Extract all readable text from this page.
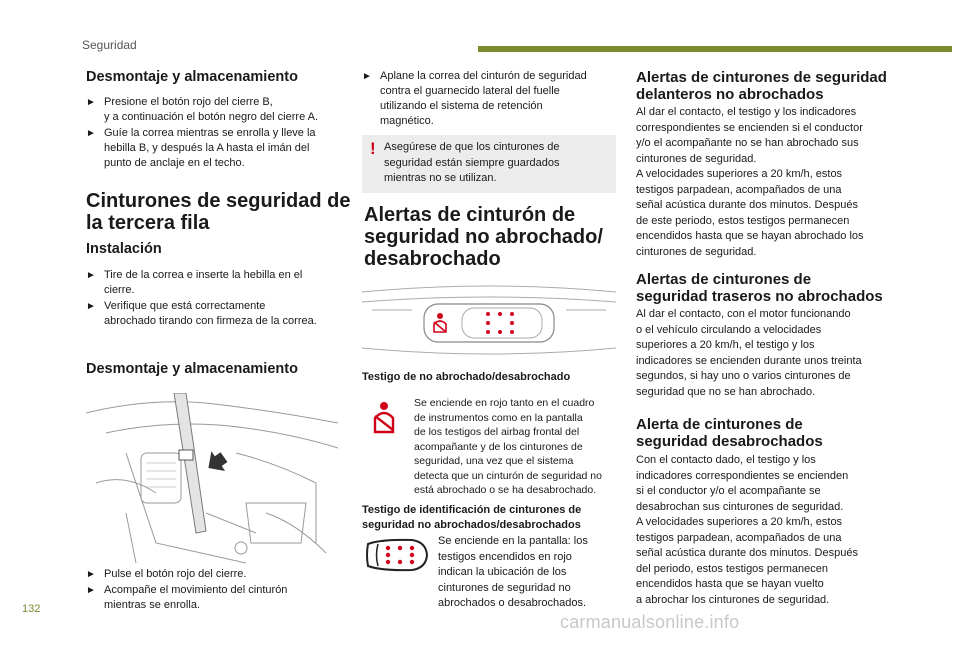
Seguridad
Desmontaje y almacenamiento
► Presione el botón rojo del cierre B,
y a continuación el botón negro del cierre A.
► Guíe la correa mientras se enrolla y lleve la
hebilla B, y después la A hasta el imán del
punto de anclaje en el techo.
Cinturones de seguridad de
la tercera fila
Instalación
► Tire de la correa e inserte la hebilla en el
cierre.
► Verifique que está correctamente
abrochado tirando con firmeza de la correa.
Desmontaje y almacenamiento
► Pulse el botón rojo del cierre.
► Acompañe el movimiento del cinturón
mientras se enrolla.
► Aplane la correa del cinturón de seguridad
contra el guarnecido lateral del fuelle
utilizando el sistema de retención
magnético.
! Asegúrese de que los cinturones de
seguridad están siempre guardados
mientras no se utilizan.
Alertas de cinturón de
seguridad no abrochado/
desabrochado
Testigo de no abrochado/desabrochado
Se enciende en rojo tanto en el cuadro
de instrumentos como en la pantalla
de los testigos del airbag frontal del
acompañante y de los cinturones de
seguridad, una vez que el sistema
detecta que un cinturón de seguridad no
está abrochado o se ha desabrochado.
Testigo de identificación de cinturones de
seguridad no abrochados/desabrochados
Se enciende en la pantalla: los
testigos encendidos en rojo
indican la ubicación de los
cinturones de seguridad no
abrochados o desabrochados.
Alertas de cinturones de seguridad
delanteros no abrochados
Al dar el contacto, el testigo y los indicadores
correspondientes se encienden si el conductor
y/o el acompañante no se han abrochado sus
cinturones de seguridad.
A velocidades superiores a 20 km/h, estos
testigos parpadean, acompañados de una
señal acústica durante dos minutos. Después
de este periodo, estos testigos permanecen
encendidos hasta que se hayan abrochado los
cinturones de seguridad.
Alertas de cinturones de
seguridad traseros no abrochados
Al dar el contacto, con el motor funcionando
o el vehículo circulando a velocidades
superiores a 20 km/h, el testigo y los
indicadores se encienden durante unos treinta
segundos, si hay uno o varios cinturones de
seguridad que no se han abrochado.
Alerta de cinturones de
seguridad desabrochados
Con el contacto dado, el testigo y los
indicadores correspondientes se encienden
si el conductor y/o el acompañante se
desabrochan sus cinturones de seguridad.
A velocidades superiores a 20 km/h, estos
testigos parpadean, acompañados de una
señal acústica durante dos minutos. Después
del periodo, estos testigos permanecen
encendidos hasta que se hayan vuelto
a abrochar los cinturones de seguridad.
132
carmanualsonline.info
